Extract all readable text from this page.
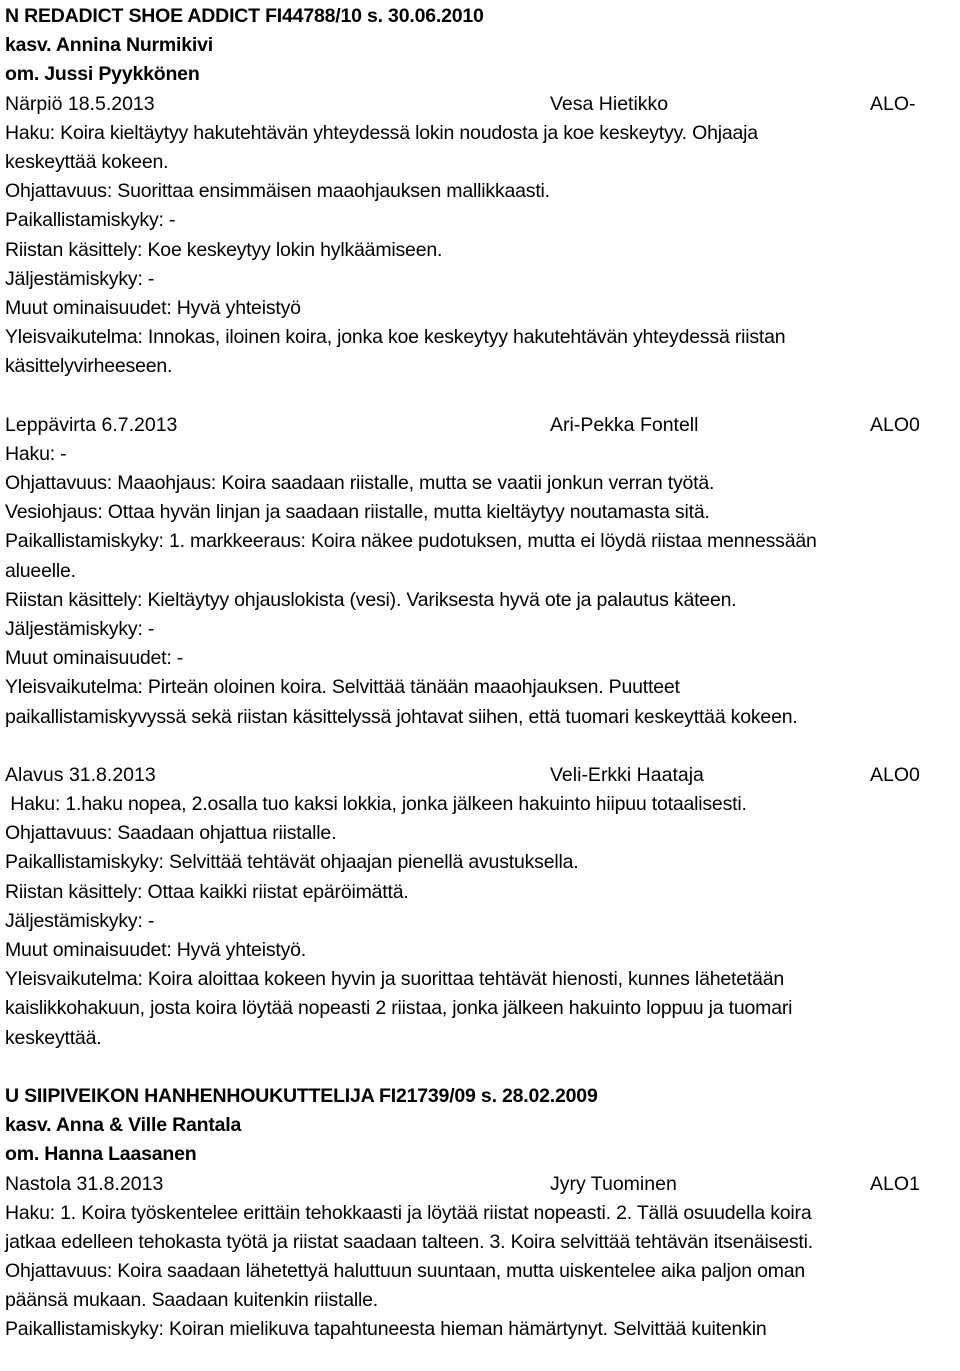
N REDADICT SHOE ADDICT FI44788/10 s. 30.06.2010
kasv. Annina Nurmikivi
om. Jussi Pyykkönen
Närpiö 18.5.2013	Vesa Hietikko	ALO-
Haku: Koira kieltäytyy hakutehtävän yhteydessä lokin noudosta ja koe keskeytyy. Ohjaaja
keskeyttää kokeen.
Ohjattavuus: Suorittaa ensimmäisen maaohjauksen mallikkaasti.
Paikallistamiskyky: -
Riistan käsittely: Koe keskeytyy lokin hylkäämiseen.
Jäljestämiskyky: -
Muut ominaisuudet: Hyvä yhteistyö
Yleisvaikutelma: Innokas, iloinen koira, jonka koe keskeytyy hakutehtävän yhteydessä riistan
käsittelyvirheeseen.
Leppävirta 6.7.2013	Ari-Pekka Fontell	ALO0
Haku: -
Ohjattavuus: Maaohjaus: Koira saadaan riistalle, mutta se vaatii jonkun verran työtä.
Vesiohjaus: Ottaa hyvän linjan ja saadaan riistalle, mutta kieltäytyy noutamasta sitä.
Paikallistamiskyky: 1. markkeeraus: Koira näkee pudotuksen, mutta ei löydä riistaa mennessään
alueelle.
Riistan käsittely: Kieltäytyy ohjauslokista (vesi). Variksesta hyvä ote ja palautus käteen.
Jäljestämiskyky: -
Muut ominaisuudet: -
Yleisvaikutelma: Pirteän oloinen koira. Selvittää tänään maaohjauksen. Puutteet
paikallistamiskyvyssä sekä riistan käsittelyssä johtavat siihen, että tuomari keskeyttää kokeen.
Alavus 31.8.2013	Veli-Erkki Haataja	ALO0
Haku: 1.haku nopea, 2.osalla tuo kaksi lokkia, jonka jälkeen hakuinto hiipuu totaalisesti.
Ohjattavuus: Saadaan ohjattua riistalle.
Paikallistamiskyky: Selvittää tehtävät ohjaajan pienellä avustuksella.
Riistan käsittely: Ottaa kaikki riistat epäröimättä.
Jäljestämiskyky: -
Muut ominaisuudet: Hyvä yhteistyö.
Yleisvaikutelma: Koira aloittaa kokeen hyvin ja suorittaa tehtävät hienosti, kunnes lähetetään
kaislikkohakuun, josta koira löytää nopeasti 2 riistaa, jonka jälkeen hakuinto loppuu ja tuomari
keskeyttää.
U SIIPIVEIKON HANHENHOUKUTTELIJA FI21739/09 s. 28.02.2009
kasv. Anna & Ville Rantala
om. Hanna Laasanen
Nastola 31.8.2013	Jyry Tuominen	ALO1
Haku: 1. Koira työskentelee erittäin tehokkaasti ja löytää riistat nopeasti. 2. Tällä osuudella koira
jatkaa edelleen tehokasta työtä ja riistat saadaan talteen. 3. Koira selvittää tehtävän itsenäisesti.
Ohjattavuus: Koira saadaan lähetettyä haluttuun suuntaan, mutta uiskentelee aika paljon oman
päänsä mukaan. Saadaan kuitenkin riistalle.
Paikallistamiskyky: Koiran mielikuva tapahtuneesta hieman hämärtynyt. Selvittää kuitenkin
